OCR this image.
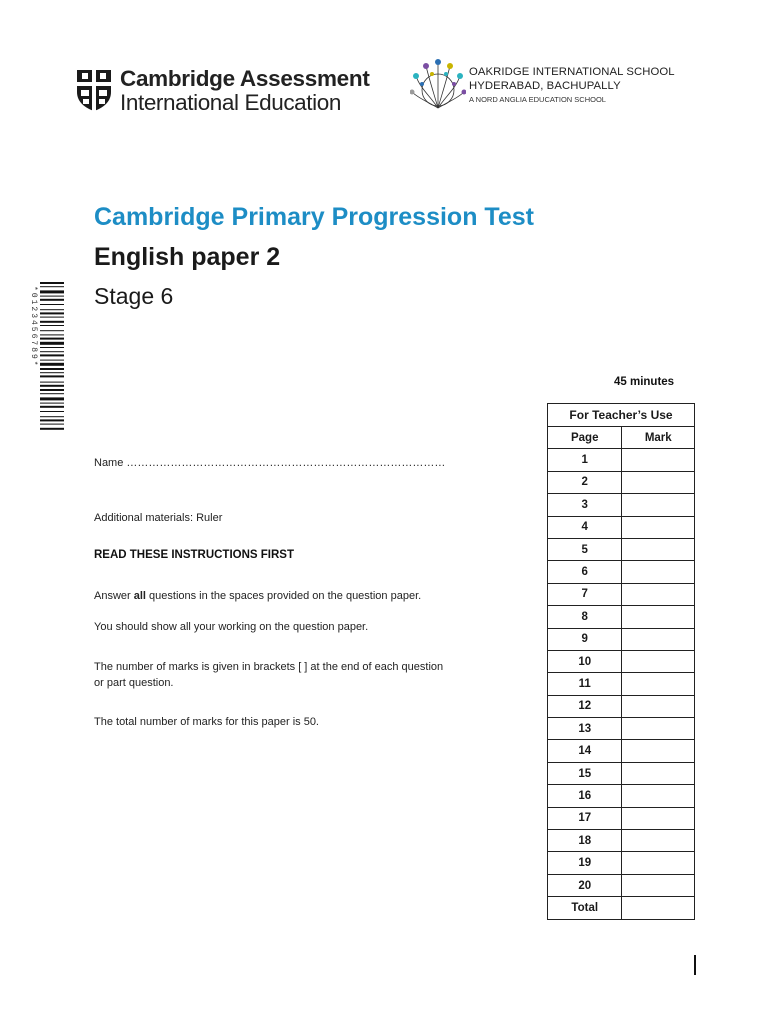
Cambridge Assessment
International Education
OAKRIDGE INTERNATIONAL SCHOOL
HYDERABAD, BACHUPALLY
A NORD ANGLIA EDUCATION SCHOOL
Cambridge Primary Progression Test
English paper 2
Stage 6
*0123456789*
Name ……………………………………………………………………………
Additional materials: Ruler
READ THESE INSTRUCTIONS FIRST
Answer all questions in the spaces provided on the question paper.
You should show all your working on the question paper.
The number of marks is given in brackets [ ] at the end of each question
or part question.
The total number of marks for this paper is 50.
45 minutes
For Teacher’s Use	
Page	Mark
1	
2	
3	
4	
5	
6	
7	
8	
9	
10	
11	
12	
13	
14	
15	
16	
17	
18	
19	
20	
Total	
